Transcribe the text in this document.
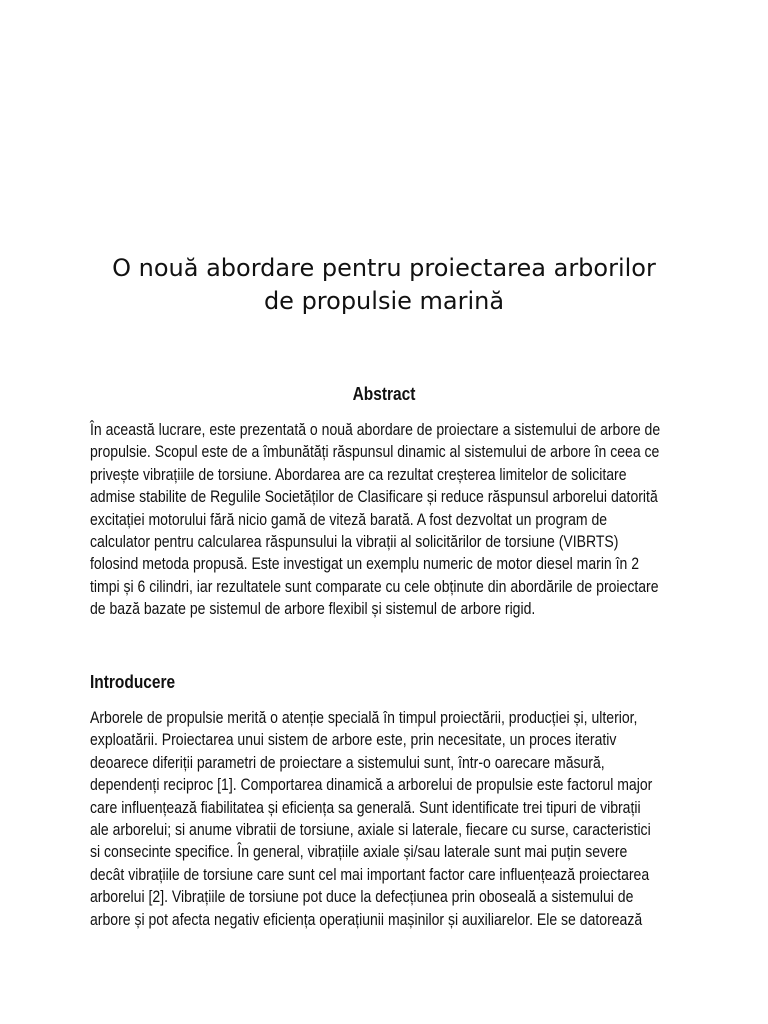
O nouă abordare pentru proiectarea arborilor
de propulsie marină
Abstract

În această lucrare, este prezentată o nouă abordare de proiectare a sistemului de arbore de
propulsie. Scopul este de a îmbunătăți răspunsul dinamic al sistemului de arbore în ceea ce
privește vibrațiile de torsiune. Abordarea are ca rezultat creșterea limitelor de solicitare
admise stabilite de Regulile Societăților de Clasificare și reduce răspunsul arborelui datorită
excitației motorului fără nicio gamă de viteză barată. A fost dezvoltat un program de
calculator pentru calcularea răspunsului la vibrații al solicitărilor de torsiune (VIBRTS)
folosind metoda propusă. Este investigat un exemplu numeric de motor diesel marin în 2
timpi și 6 cilindri, iar rezultatele sunt comparate cu cele obținute din abordările de proiectare
de bază bazate pe sistemul de arbore flexibil și sistemul de arbore rigid.

Introducere

Arborele de propulsie merită o atenție specială în timpul proiectării, producției și, ulterior,
exploatării. Proiectarea unui sistem de arbore este, prin necesitate, un proces iterativ
deoarece diferiții parametri de proiectare a sistemului sunt, într-o oarecare măsură,
dependenți reciproc [1]. Comportarea dinamică a arborelui de propulsie este factorul major
care influențează fiabilitatea și eficiența sa generală. Sunt identificate trei tipuri de vibrații
ale arborelui; si anume vibratii de torsiune, axiale si laterale, fiecare cu surse, caracteristici
si consecinte specifice. În general, vibrațiile axiale și/sau laterale sunt mai puțin severe
decât vibrațiile de torsiune care sunt cel mai important factor care influențează proiectarea
arborelui [2]. Vibrațiile de torsiune pot duce la defecțiunea prin oboseală a sistemului de
arbore și pot afecta negativ eficiența operațiunii mașinilor și auxiliarelor. Ele se datorează
